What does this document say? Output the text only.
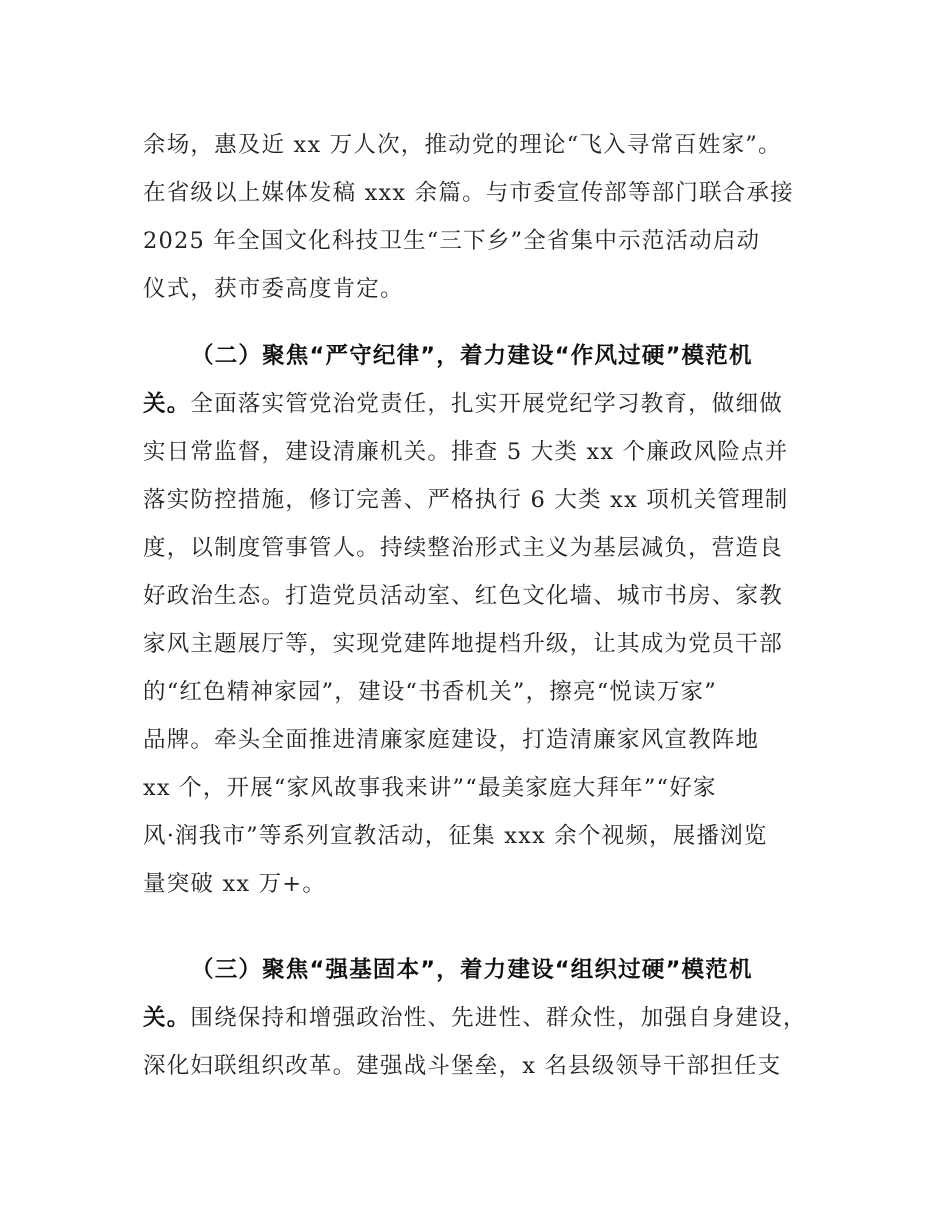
余场，惠及近 xx 万人次，推动党的理论“飞入寻常百姓家”。
在省级以上媒体发稿 xxx 余篇。与市委宣传部等部门联合承接
2025 年全国文化科技卫生“三下乡”全省集中示范活动启动
仪式，获市委高度肯定。
（二）聚焦“严守纪律”，着力建设“作风过硬”模范机
关。全面落实管党治党责任，扎实开展党纪学习教育，做细做
实日常监督，建设清廉机关。排查 5 大类 xx 个廉政风险点并
落实防控措施，修订完善、严格执行 6 大类 xx 项机关管理制
度，以制度管事管人。持续整治形式主义为基层减负，营造良
好政治生态。打造党员活动室、红色文化墙、城市书房、家教
家风主题展厅等，实现党建阵地提档升级，让其成为党员干部
的“红色精神家园”，建设“书香机关”，擦亮“悦读万家”
品牌。牵头全面推进清廉家庭建设，打造清廉家风宣教阵地
xx 个，开展“家风故事我来讲”“最美家庭大拜年”“好家
风·润我市”等系列宣教活动，征集 xxx 余个视频，展播浏览
量突破 xx 万+。
（三）聚焦“强基固本”，着力建设“组织过硬”模范机
关。围绕保持和增强政治性、先进性、群众性，加强自身建设，
深化妇联组织改革。建强战斗堡垒，x 名县级领导干部担任支
